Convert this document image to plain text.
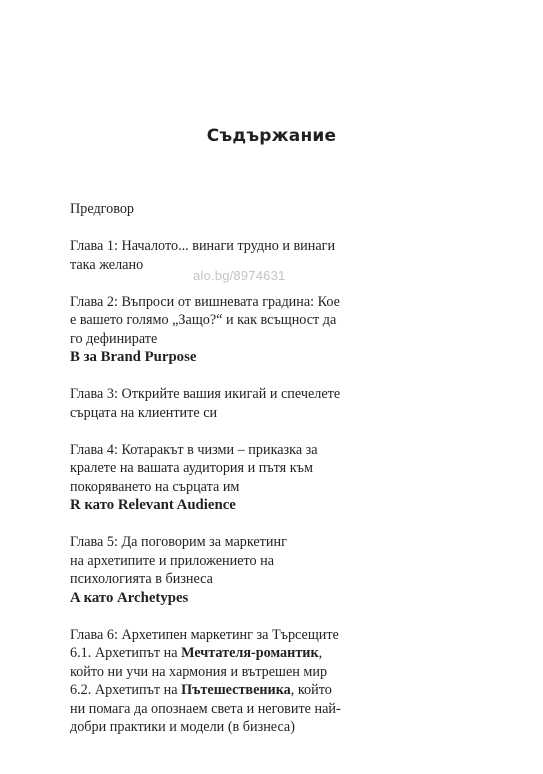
Съдържание
Предговор
Глава 1: Началото... винаги трудно и винаги
така желано
Глава 2: Въпроси от вишневата градина: Кое
е вашето голямо „Защо?“ и как всъщност да
го дефинирате
B за Brand Purpose
Глава 3: Открийте вашия икигай и спечелете
сърцата на клиентите си
Глава 4: Котаракът в чизми – приказка за
кралете на вашата аудитория и пътя към
покоряването на сърцата им
R като Relevant Audience
Глава 5: Да поговорим за маркетинг
на архетипите и приложението на
психологията в бизнеса
A като Archetypes
Глава 6: Архетипен маркетинг за Търсещите
6.1. Архетипът на Мечтателя-романтик,
който ни учи на хармония и вътрешен мир
6.2. Архетипът на Пътешественика, който
ни помага да опознаем света и неговите най-
добри практики и модели (в бизнеса)
alo.bg/8974631
